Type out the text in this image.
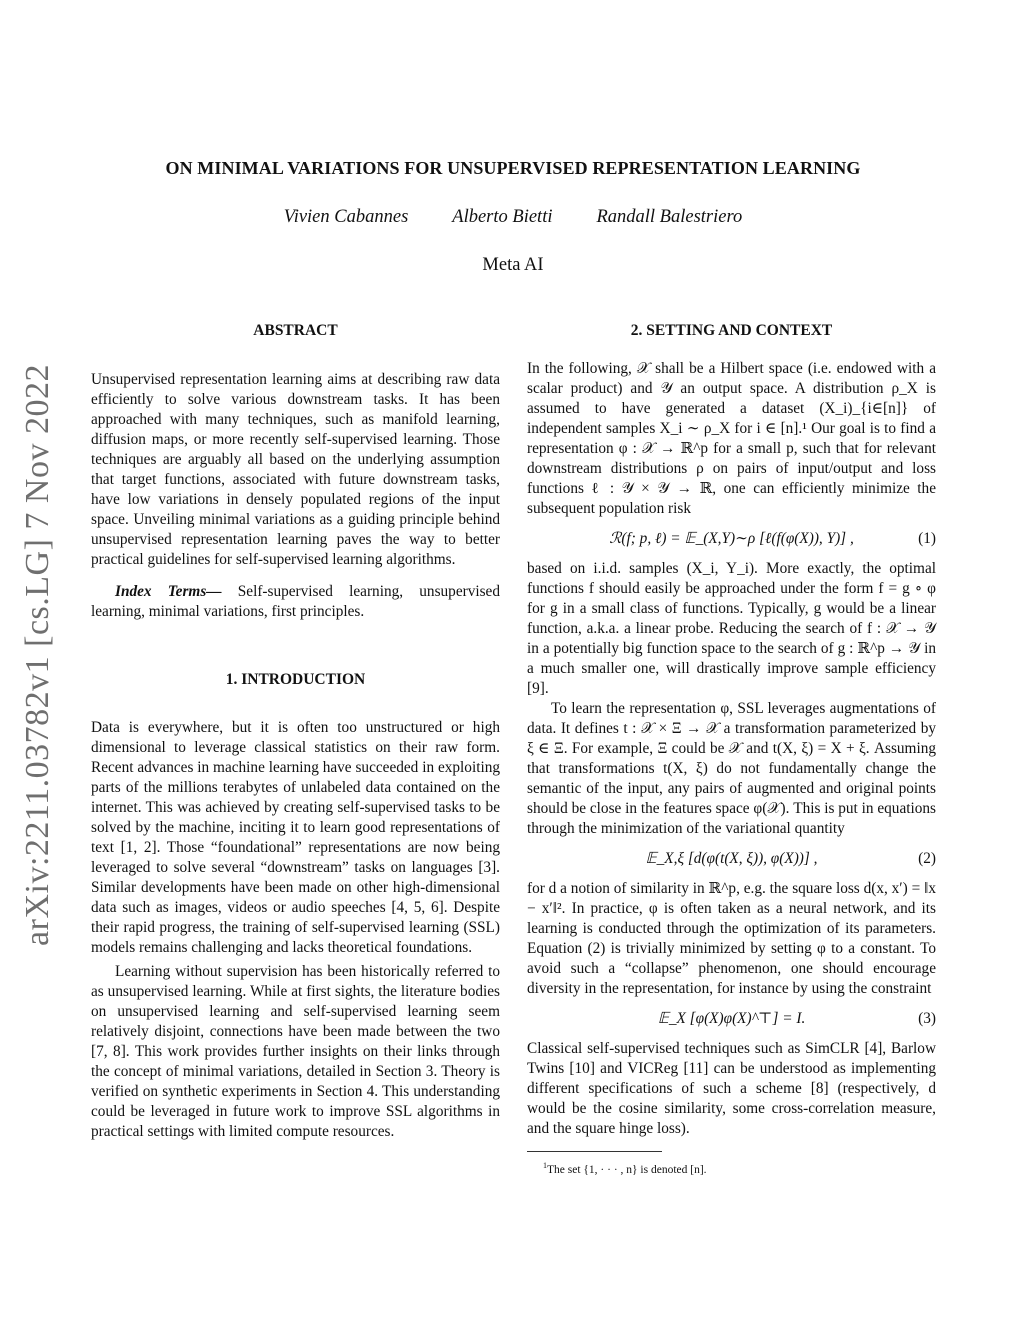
arXiv:2211.03782v1 [cs.LG] 7 Nov 2022
ON MINIMAL VARIATIONS FOR UNSUPERVISED REPRESENTATION LEARNING
Vivien Cabannes Alberto Bietti Randall Balestriero
Meta AI
ABSTRACT

Unsupervised representation learning aims at describing raw data efficiently to solve various downstream tasks. It has been approached with many techniques, such as manifold learning, diffusion maps, or more recently self-supervised learning. Those techniques are arguably all based on the underlying assumption that target functions, associated with future downstream tasks, have low variations in densely populated regions of the input space. Unveiling minimal variations as a guiding principle behind unsupervised representation learning paves the way to better practical guidelines for self-supervised learning algorithms.

Index Terms— Self-supervised learning, unsupervised learning, minimal variations, first principles.

1. INTRODUCTION

Data is everywhere, but it is often too unstructured or high dimensional to leverage classical statistics on their raw form. Recent advances in machine learning have succeeded in exploiting parts of the millions terabytes of unlabeled data contained on the internet. This was achieved by creating self-supervised tasks to be solved by the machine, inciting it to learn good representations of text [1, 2]. Those “foundational” representations are now being leveraged to solve several “downstream” tasks on languages [3]. Similar developments have been made on other high-dimensional data such as images, videos or audio speeches [4, 5, 6]. Despite their rapid progress, the training of self-supervised learning (SSL) models remains challenging and lacks theoretical foundations.

Learning without supervision has been historically referred to as unsupervised learning. While at first sights, the literature bodies on unsupervised learning and self-supervised learning seem relatively disjoint, connections have been made between the two [7, 8]. This work provides further insights on their links through the concept of minimal variations, detailed in Section 3. Theory is verified on synthetic experiments in Section 4. This understanding could be leveraged in future work to improve SSL algorithms in practical settings with limited compute resources.

2. SETTING AND CONTEXT

In the following, 𝒳 shall be a Hilbert space (i.e. endowed with a scalar product) and 𝒴 an output space. A distribution ρ_X is assumed to have generated a dataset (X_i)_{i∈[n]} of independent samples X_i ∼ ρ_X for i ∈ [n].¹ Our goal is to find a representation φ : 𝒳 → ℝ^p for a small p, such that for relevant downstream distributions ρ on pairs of input/output and loss functions ℓ : 𝒴 × 𝒴 → ℝ, one can efficiently minimize the subsequent population risk

ℛ(f; p, ℓ) = 𝔼_(X,Y)∼ρ [ℓ(f(φ(X)), Y)] ,	(1)

based on i.i.d. samples (X_i, Y_i). More exactly, the optimal functions f should easily be approached under the form f = g ∘ φ for g in a small class of functions. Typically, g would be a linear function, a.k.a. a linear probe. Reducing the search of f : 𝒳 → 𝒴 in a potentially big function space to the search of g : ℝ^p → 𝒴 in a much smaller one, will drastically improve sample efficiency [9].

To learn the representation φ, SSL leverages augmentations of data. It defines t : 𝒳 × Ξ → 𝒳 a transformation parameterized by ξ ∈ Ξ. For example, Ξ could be 𝒳 and t(X, ξ) = X + ξ. Assuming that transformations t(X, ξ) do not fundamentally change the semantic of the input, any pairs of augmented and original points should be close in the features space φ(𝒳). This is put in equations through the minimization of the variational quantity

𝔼_X,ξ [d(φ(t(X, ξ)), φ(X))] ,	(2)

for d a notion of similarity in ℝ^p, e.g. the square loss d(x, x′) = ‖x − x′‖². In practice, φ is often taken as a neural network, and its learning is conducted through the optimization of its parameters. Equation (2) is trivially minimized by setting φ to a constant. To avoid such a “collapse” phenomenon, one should encourage diversity in the representation, for instance by using the constraint

𝔼_X [φ(X)φ(X)^⊤] = I.	(3)

Classical self-supervised techniques such as SimCLR [4], Barlow Twins [10] and VICReg [11] can be understood as implementing different specifications of such a scheme [8] (respectively, d would be the cosine similarity, some cross-correlation measure, and the square hinge loss).

$^1$The set {1, · · · , n} is denoted [n].
